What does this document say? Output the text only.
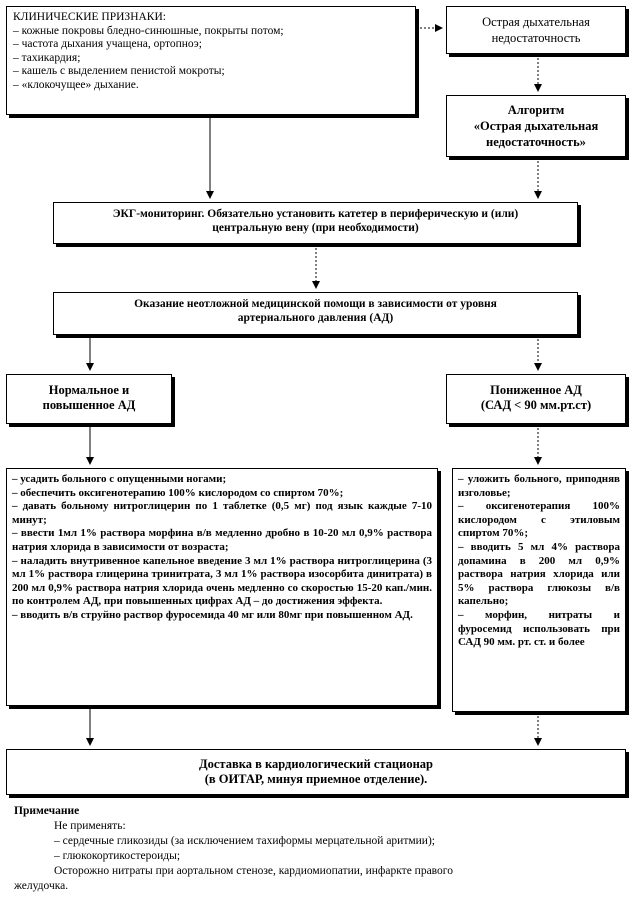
КЛИНИЧЕСКИЕ ПРИЗНАКИ:
– кожные покровы бледно-синюшные, покрыты потом;
– частота дыхания учащена, ортопноэ;
– тахикардия;
– кашель с выделением пенистой мокроты;
– «клокочущее» дыхание.
Острая дыхательная
недостаточность
Алгоритм
«Острая дыхательная
недостаточность»
ЭКГ-мониторинг. Обязательно установить катетер в периферическую и (или)
центральную вену (при необходимости)
Оказание неотложной медицинской помощи в зависимости от уровня
артериального давления (АД)
Нормальное и
повышенное АД
Пониженное АД
(САД < 90 мм.рт.ст)
– усадить больного с опущенными ногами;
– обеспечить оксигенотерапию 100% кислородом со спиртом 70%;
– давать больному нитроглицерин по 1 таблетке (0,5 мг) под язык каждые 7-10 минут;
– ввести 1мл 1% раствора морфина в/в медленно дробно в 10-20 мл 0,9% раствора натрия хлорида в зависимости от возраста;
– наладить внутривенное капельное введение 3 мл 1% раствора нитроглицерина (3 мл 1% раствора глицерина тринитрата, 3 мл 1% раствора изосорбита динитрата) в 200 мл 0,9% раствора натрия хлорида очень медленно со скоростью 15-20 кап./мин. по контролем АД, при повышенных цифрах АД – до достижения эффекта.
– вводить в/в струйно раствор фуросемида 40 мг или 80мг при повышенном АД.
– уложить больного, приподняв изголовье;
– оксигенотерапия 100% кислородом с этиловым спиртом 70%;
– вводить 5 мл 4% раствора допамина в 200 мл 0,9% раствора натрия хлорида или 5% раствора глюкозы в/в капельно;
– морфин, нитраты и фуросемид использовать при САД 90 мм. рт. ст. и более
Доставка в кардиологический стационар
(в ОИТАР, минуя приемное отделение).
Примечание
Не применять:
– сердечные гликозиды (за исключением тахиформы мерцательной аритмии);
– глюкокортикостероиды;
Осторожно нитраты при аортальном стенозе, кардиомиопатии, инфаркте правого
желудочка.
